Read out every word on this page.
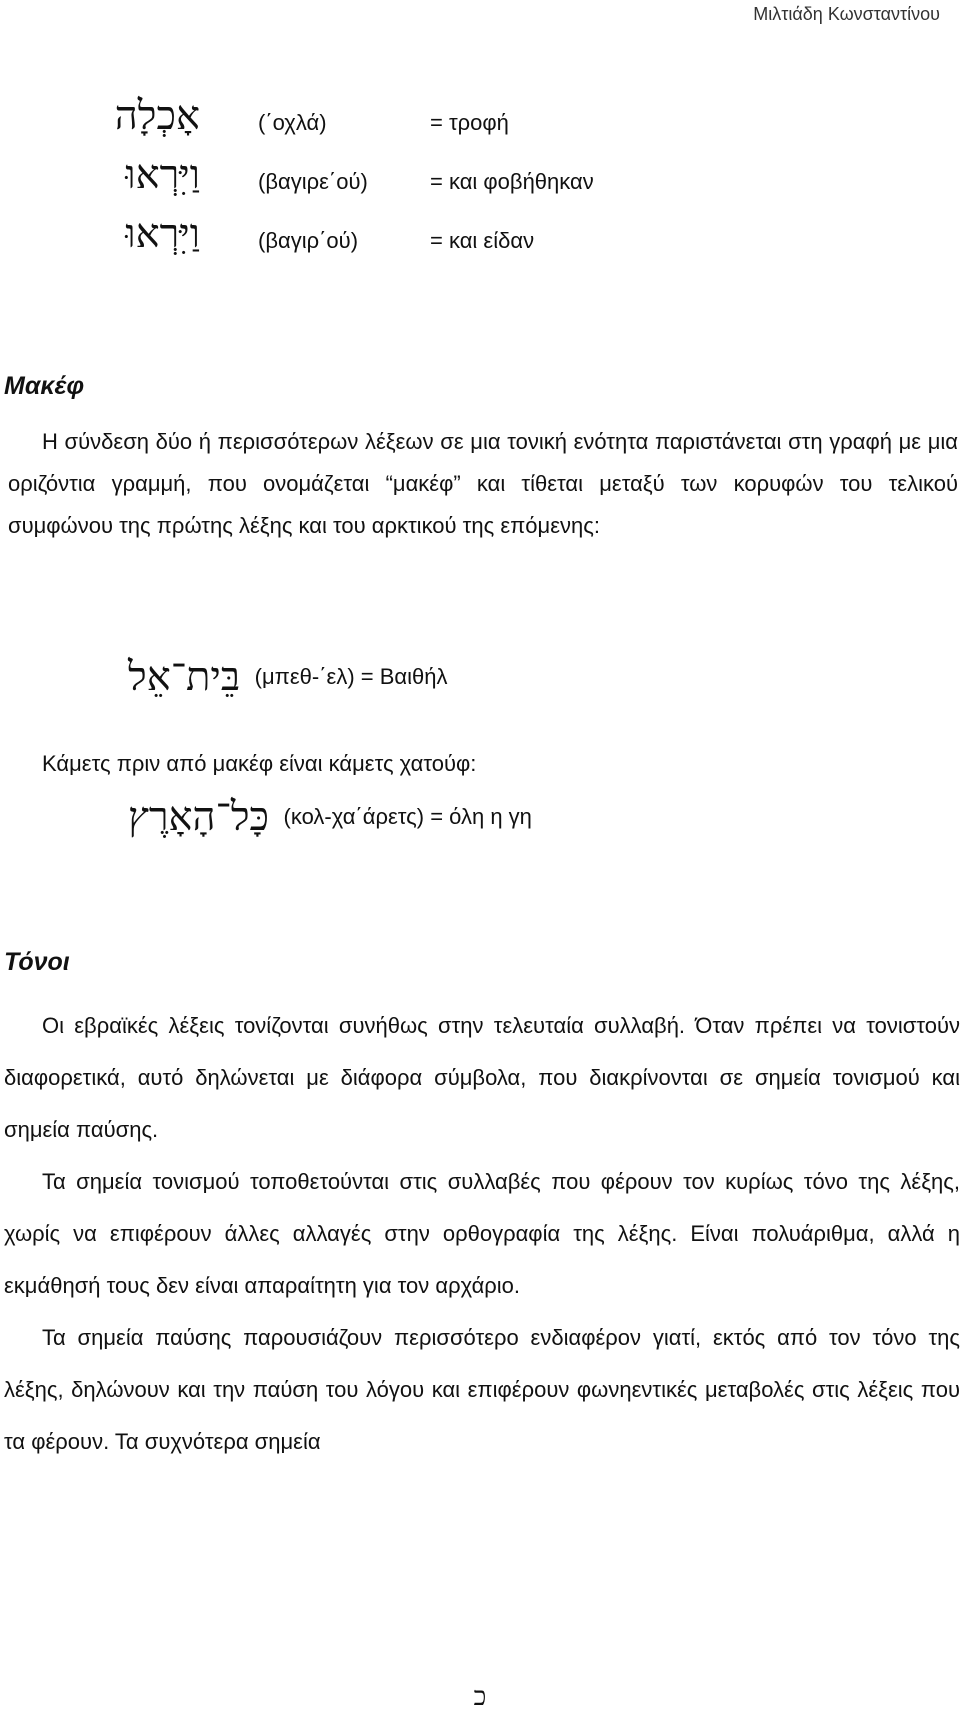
Μιλτιάδη Κωνσταντίνου
אָכְלָה	(΄οχλά)	= τροφή
וַיִּרְאוּ	(βαγιρε΄ού)	= και φοβήθηκαν
וַיִּרְאוּ	(βαγιρ΄ού)	= και είδαν
Μακέφ
Η σύνδεση δύο ή περισσότερων λέξεων σε μια τονική ενότητα παριστάνεται στη γραφή με μια οριζόντια γραμμή, που ονομάζεται “μακέφ” και τίθεται μεταξύ των κορυφών του τελικού συμφώνου της πρώτης λέξης και του αρκτικού της επόμενης:
בֵּית־אֵל (μπεθ-΄ελ) = Βαιθήλ
Κάμετς πριν από μακέφ είναι κάμετς χατούφ:
כָּל־הָאָרֶץ (κολ-χα΄άρετς) = όλη η γη
Τόνοι

Οι εβραϊκές λέξεις τονίζονται συνήθως στην τελευταία συλλαβή. Όταν πρέπει να τονιστούν διαφορετικά, αυτό δηλώνεται με διάφορα σύμβολα, που διακρίνονται σε σημεία τονισμού και σημεία παύσης.

Τα σημεία τονισμού τοποθετούνται στις συλλαβές που φέρουν τον κυρίως τόνο της λέξης, χωρίς να επιφέρουν άλλες αλλαγές στην ορθογραφία της λέξης. Είναι πολυάριθμα, αλλά η εκμάθησή τους δεν είναι απαραίτητη για τον αρχάριο.

Τα σημεία παύσης παρουσιάζουν περισσότερο ενδιαφέρον γιατί, εκτός από τον τόνο της λέξης, δηλώνουν και την παύση του λόγου και επιφέρουν φωνηεντικές μεταβολές στις λέξεις που τα φέρουν. Τα συχνότερα σημεία

כ
